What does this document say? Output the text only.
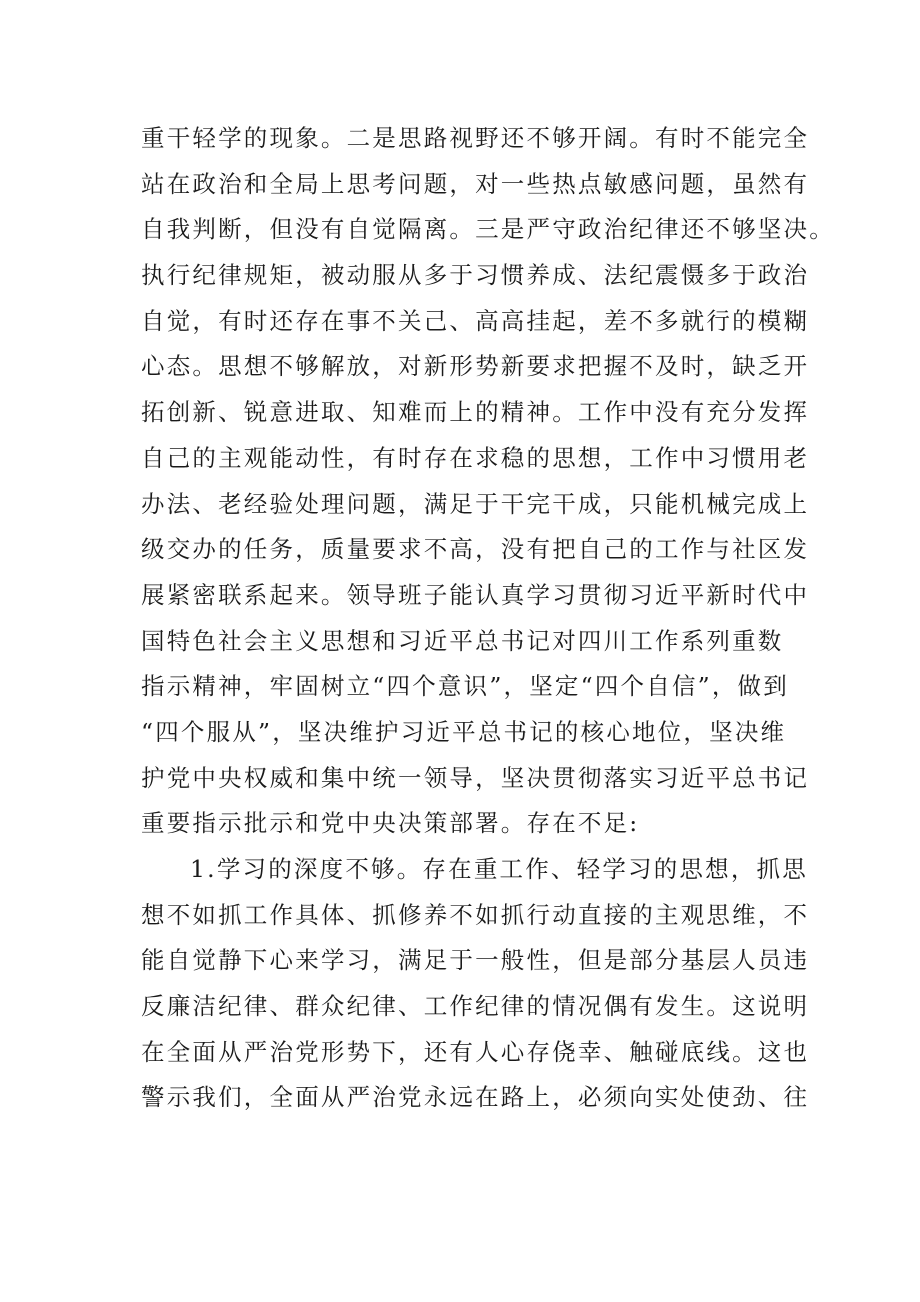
重干轻学的现象。二是思路视野还不够开阔。有时不能完全
站在政治和全局上思考问题，对一些热点敏感问题，虽然有
自我判断，但没有自觉隔离。三是严守政治纪律还不够坚决。
执行纪律规矩，被动服从多于习惯养成、法纪震慑多于政治
自觉，有时还存在事不关己、高高挂起，差不多就行的模糊
心态。思想不够解放，对新形势新要求把握不及时，缺乏开
拓创新、锐意进取、知难而上的精神。工作中没有充分发挥
自己的主观能动性，有时存在求稳的思想，工作中习惯用老
办法、老经验处理问题，满足于干完干成，只能机械完成上
级交办的任务，质量要求不高，没有把自己的工作与社区发
展紧密联系起来。领导班子能认真学习贯彻习近平新时代中
国特色社会主义思想和习近平总书记对四川工作系列重数
指示精神，牢固树立“四个意识”，坚定“四个自信”，做到
“四个服从”，坚决维护习近平总书记的核心地位，坚决维
护党中央权威和集中统一领导，坚决贯彻落实习近平总书记
重要指示批示和党中央决策部署。存在不足:
1.学习的深度不够。存在重工作、轻学习的思想，抓思
想不如抓工作具体、抓修养不如抓行动直接的主观思维，不
能自觉静下心来学习，满足于一般性，但是部分基层人员违
反廉洁纪律、群众纪律、工作纪律的情况偶有发生。这说明
在全面从严治党形势下，还有人心存侥幸、触碰底线。这也
警示我们，全面从严治党永远在路上，必须向实处使劲、往
